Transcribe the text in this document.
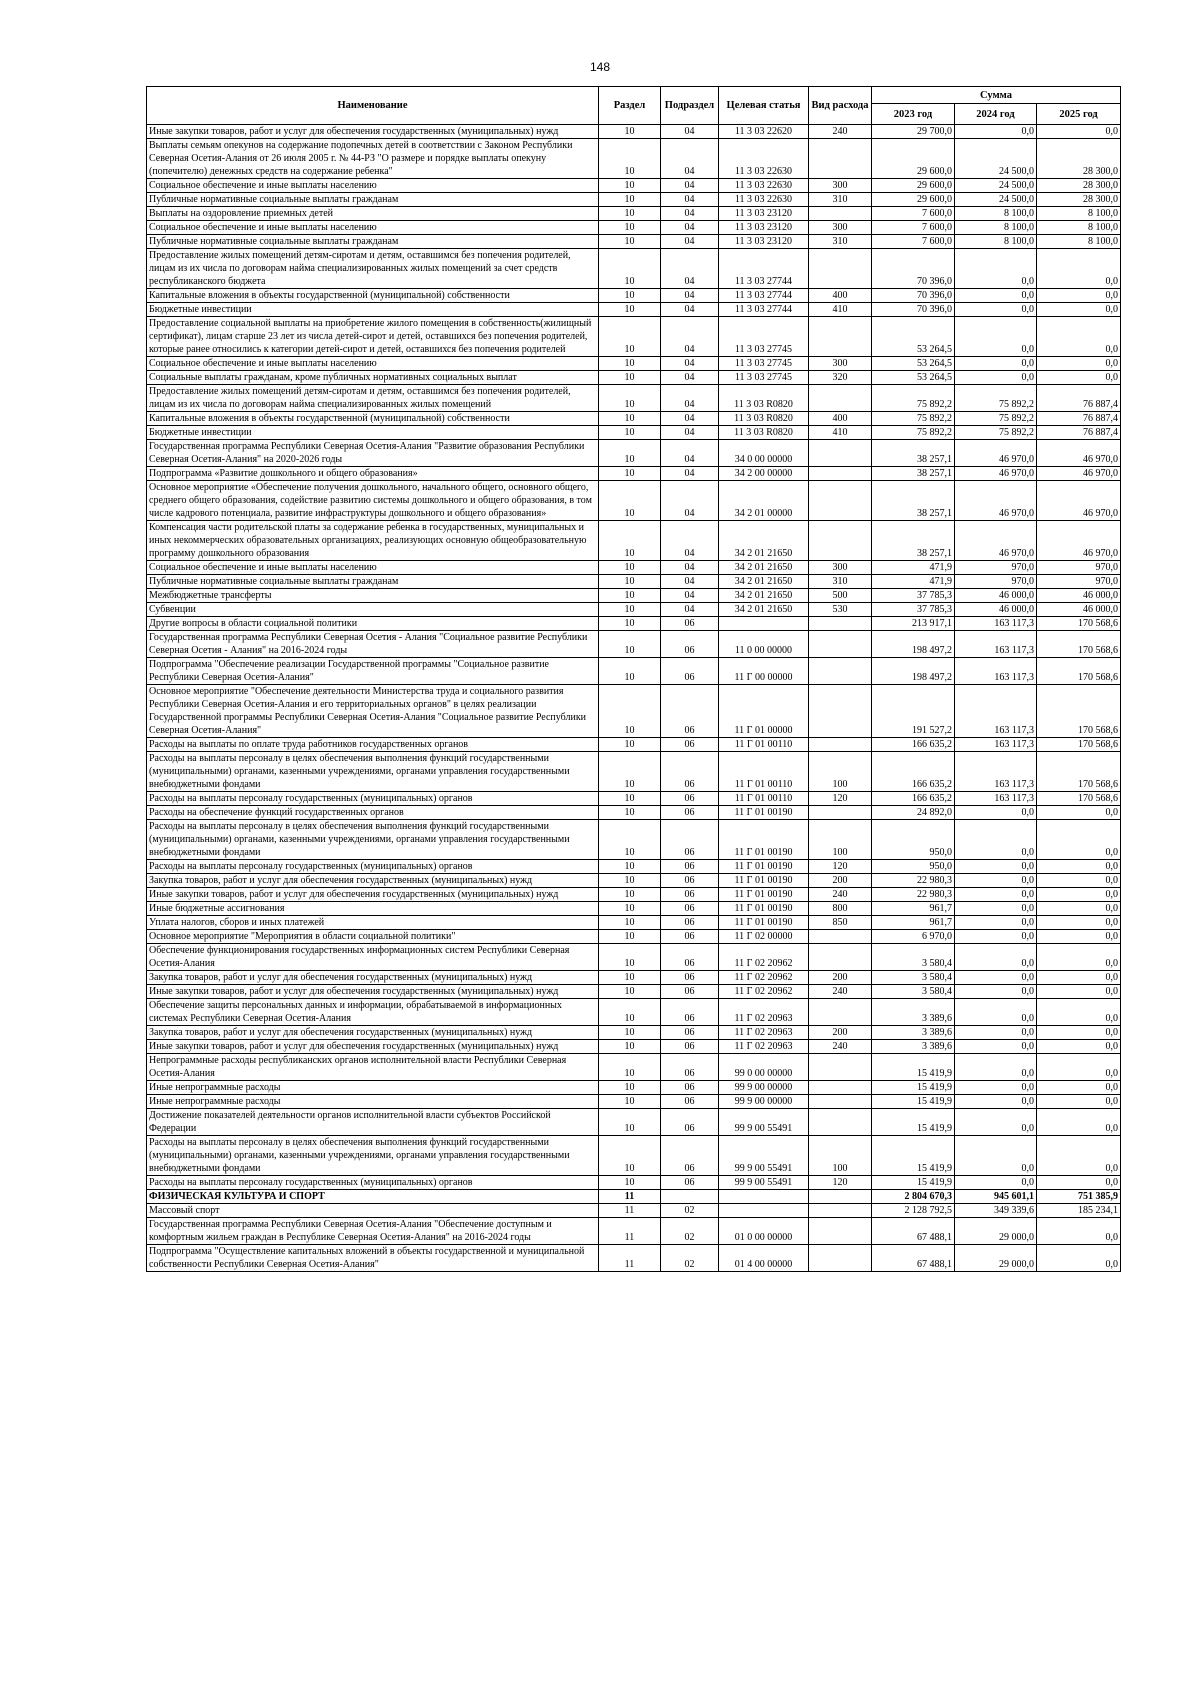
148
Наименование	Раздел	Подраздел	Целевая статья	Вид расхода	Сумма		
					2023 год	2024 год	2025 год
Иные закупки товаров, работ и услуг для обеспечения государственных (муниципальных) нужд	10	04	11 3 03 22620	240	29 700,0	0,0	0,0
Выплаты семьям опекунов на содержание подопечных детей в соответствии с Законом Республики Северная Осетия-Алания от 26 июля 2005 г. № 44-РЗ "О размере и порядке выплаты опекуну (попечителю) денежных средств на содержание ребенка"	10	04	11 3 03 22630		29 600,0	24 500,0	28 300,0
Социальное обеспечение и иные выплаты населению	10	04	11 3 03 22630	300	29 600,0	24 500,0	28 300,0
Публичные нормативные социальные выплаты гражданам	10	04	11 3 03 22630	310	29 600,0	24 500,0	28 300,0
Выплаты на оздоровление приемных детей	10	04	11 3 03 23120		7 600,0	8 100,0	8 100,0
Социальное обеспечение и иные выплаты населению	10	04	11 3 03 23120	300	7 600,0	8 100,0	8 100,0
Публичные нормативные социальные выплаты гражданам	10	04	11 3 03 23120	310	7 600,0	8 100,0	8 100,0
Предоставление жилых помещений детям-сиротам и детям, оставшимся без попечения родителей, лицам из их числа по договорам найма специализированных жилых помещений за счет средств республиканского бюджета	10	04	11 3 03 27744		70 396,0	0,0	0,0
Капитальные вложения в объекты государственной (муниципальной) собственности	10	04	11 3 03 27744	400	70 396,0	0,0	0,0
Бюджетные инвестиции	10	04	11 3 03 27744	410	70 396,0	0,0	0,0
Предоставление социальной выплаты на приобретение жилого помещения в собственность(жилищный сертификат), лицам старше 23 лет из числа детей-сирот и детей, оставшихся без попечения родителей, которые ранее относились к категории детей-сирот и детей, оставшихся без попечения родителей	10	04	11 3 03 27745		53 264,5	0,0	0,0
Социальное обеспечение и иные выплаты населению	10	04	11 3 03 27745	300	53 264,5	0,0	0,0
Социальные выплаты гражданам, кроме публичных нормативных социальных выплат	10	04	11 3 03 27745	320	53 264,5	0,0	0,0
Предоставление жилых помещений детям-сиротам и детям, оставшимся без попечения родителей, лицам из их числа по договорам найма специализированных жилых помещений	10	04	11 3 03 R0820		75 892,2	75 892,2	76 887,4
Капитальные вложения в объекты государственной (муниципальной) собственности	10	04	11 3 03 R0820	400	75 892,2	75 892,2	76 887,4
Бюджетные инвестиции	10	04	11 3 03 R0820	410	75 892,2	75 892,2	76 887,4
Государственная программа Республики Северная Осетия-Алания "Развитие образования Республики Северная Осетия-Алания" на 2020-2026 годы	10	04	34 0 00 00000		38 257,1	46 970,0	46 970,0
Подпрограмма «Развитие дошкольного и общего образования»	10	04	34 2 00 00000		38 257,1	46 970,0	46 970,0
Основное мероприятие «Обеспечение получения дошкольного, начального общего, основного общего, среднего общего образования, содействие развитию системы дошкольного и общего образования, в том числе кадрового потенциала, развитие инфраструктуры дошкольного и общего образования»	10	04	34 2 01 00000		38 257,1	46 970,0	46 970,0
Компенсация части родительской платы за содержание ребенка в государственных, муниципальных и иных некоммерческих образовательных организациях, реализующих основную общеобразовательную программу дошкольного образования	10	04	34 2 01 21650		38 257,1	46 970,0	46 970,0
Социальное обеспечение и иные выплаты населению	10	04	34 2 01 21650	300	471,9	970,0	970,0
Публичные нормативные социальные выплаты гражданам	10	04	34 2 01 21650	310	471,9	970,0	970,0
Межбюджетные трансферты	10	04	34 2 01 21650	500	37 785,3	46 000,0	46 000,0
Субвенции	10	04	34 2 01 21650	530	37 785,3	46 000,0	46 000,0
Другие вопросы в области социальной политики	10	06			213 917,1	163 117,3	170 568,6
Государственная программа Республики Северная Осетия - Алания "Социальное развитие Республики Северная Осетия - Алания" на 2016-2024 годы	10	06	11 0 00 00000		198 497,2	163 117,3	170 568,6
Подпрограмма "Обеспечение реализации Государственной программы "Социальное развитие Республики Северная Осетия-Алания"	10	06	11 Г 00 00000		198 497,2	163 117,3	170 568,6
Основное мероприятие "Обеспечение деятельности Министерства труда и социального развития Республики Северная Осетия-Алания и его территориальных органов" в целях реализации Государственной программы Республики Северная Осетия-Алания "Социальное развитие Республики Северная Осетия-Алания"	10	06	11 Г 01 00000		191 527,2	163 117,3	170 568,6
Расходы на выплаты по оплате труда работников государственных органов	10	06	11 Г 01 00110		166 635,2	163 117,3	170 568,6
Расходы на выплаты персоналу в целях обеспечения выполнения функций государственными (муниципальными) органами, казенными учреждениями, органами управления государственными внебюджетными фондами	10	06	11 Г 01 00110	100	166 635,2	163 117,3	170 568,6
Расходы на выплаты персоналу государственных (муниципальных) органов	10	06	11 Г 01 00110	120	166 635,2	163 117,3	170 568,6
Расходы на обеспечение функций государственных органов	10	06	11 Г 01 00190		24 892,0	0,0	0,0
Расходы на выплаты персоналу в целях обеспечения выполнения функций государственными (муниципальными) органами, казенными учреждениями, органами управления государственными внебюджетными фондами	10	06	11 Г 01 00190	100	950,0	0,0	0,0
Расходы на выплаты персоналу государственных (муниципальных) органов	10	06	11 Г 01 00190	120	950,0	0,0	0,0
Закупка товаров, работ и услуг для обеспечения государственных (муниципальных) нужд	10	06	11 Г 01 00190	200	22 980,3	0,0	0,0
Иные закупки товаров, работ и услуг для обеспечения государственных (муниципальных) нужд	10	06	11 Г 01 00190	240	22 980,3	0,0	0,0
Иные бюджетные ассигнования	10	06	11 Г 01 00190	800	961,7	0,0	0,0
Уплата налогов, сборов и иных платежей	10	06	11 Г 01 00190	850	961,7	0,0	0,0
Основное мероприятие "Мероприятия в области социальной политики"	10	06	11 Г 02 00000		6 970,0	0,0	0,0
Обеспечение функционирования государственных информационных систем Республики Северная Осетия-Алания	10	06	11 Г 02 20962		3 580,4	0,0	0,0
Закупка товаров, работ и услуг для обеспечения государственных (муниципальных) нужд	10	06	11 Г 02 20962	200	3 580,4	0,0	0,0
Иные закупки товаров, работ и услуг для обеспечения государственных (муниципальных) нужд	10	06	11 Г 02 20962	240	3 580,4	0,0	0,0
Обеспечение защиты персональных данных и информации, обрабатываемой в информационных системах Республики Северная Осетия-Алания	10	06	11 Г 02 20963		3 389,6	0,0	0,0
Закупка товаров, работ и услуг для обеспечения государственных (муниципальных) нужд	10	06	11 Г 02 20963	200	3 389,6	0,0	0,0
Иные закупки товаров, работ и услуг для обеспечения государственных (муниципальных) нужд	10	06	11 Г 02 20963	240	3 389,6	0,0	0,0
Непрограммные расходы республиканских органов исполнительной власти Республики Северная Осетия-Алания	10	06	99 0 00 00000		15 419,9	0,0	0,0
Иные непрограммные расходы	10	06	99 9 00 00000		15 419,9	0,0	0,0
Иные непрограммные расходы	10	06	99 9 00 00000		15 419,9	0,0	0,0
Достижение показателей деятельности органов исполнительной власти субъектов Российской Федерации	10	06	99 9 00 55491		15 419,9	0,0	0,0
Расходы на выплаты персоналу в целях обеспечения выполнения функций государственными (муниципальными) органами, казенными учреждениями, органами управления государственными внебюджетными фондами	10	06	99 9 00 55491	100	15 419,9	0,0	0,0
Расходы на выплаты персоналу государственных (муниципальных) органов	10	06	99 9 00 55491	120	15 419,9	0,0	0,0
ФИЗИЧЕСКАЯ КУЛЬТУРА И СПОРТ	11				2 804 670,3	945 601,1	751 385,9
Массовый спорт	11	02			2 128 792,5	349 339,6	185 234,1
Государственная программа Республики Северная Осетия-Алания "Обеспечение доступным и комфортным жильем граждан в Республике Северная Осетия-Алания" на 2016-2024 годы	11	02	01 0 00 00000		67 488,1	29 000,0	0,0
Подпрограмма "Осуществление капитальных вложений в объекты государственной и муниципальной собственности Республики Северная Осетия-Алания"	11	02	01 4 00 00000		67 488,1	29 000,0	0,0
